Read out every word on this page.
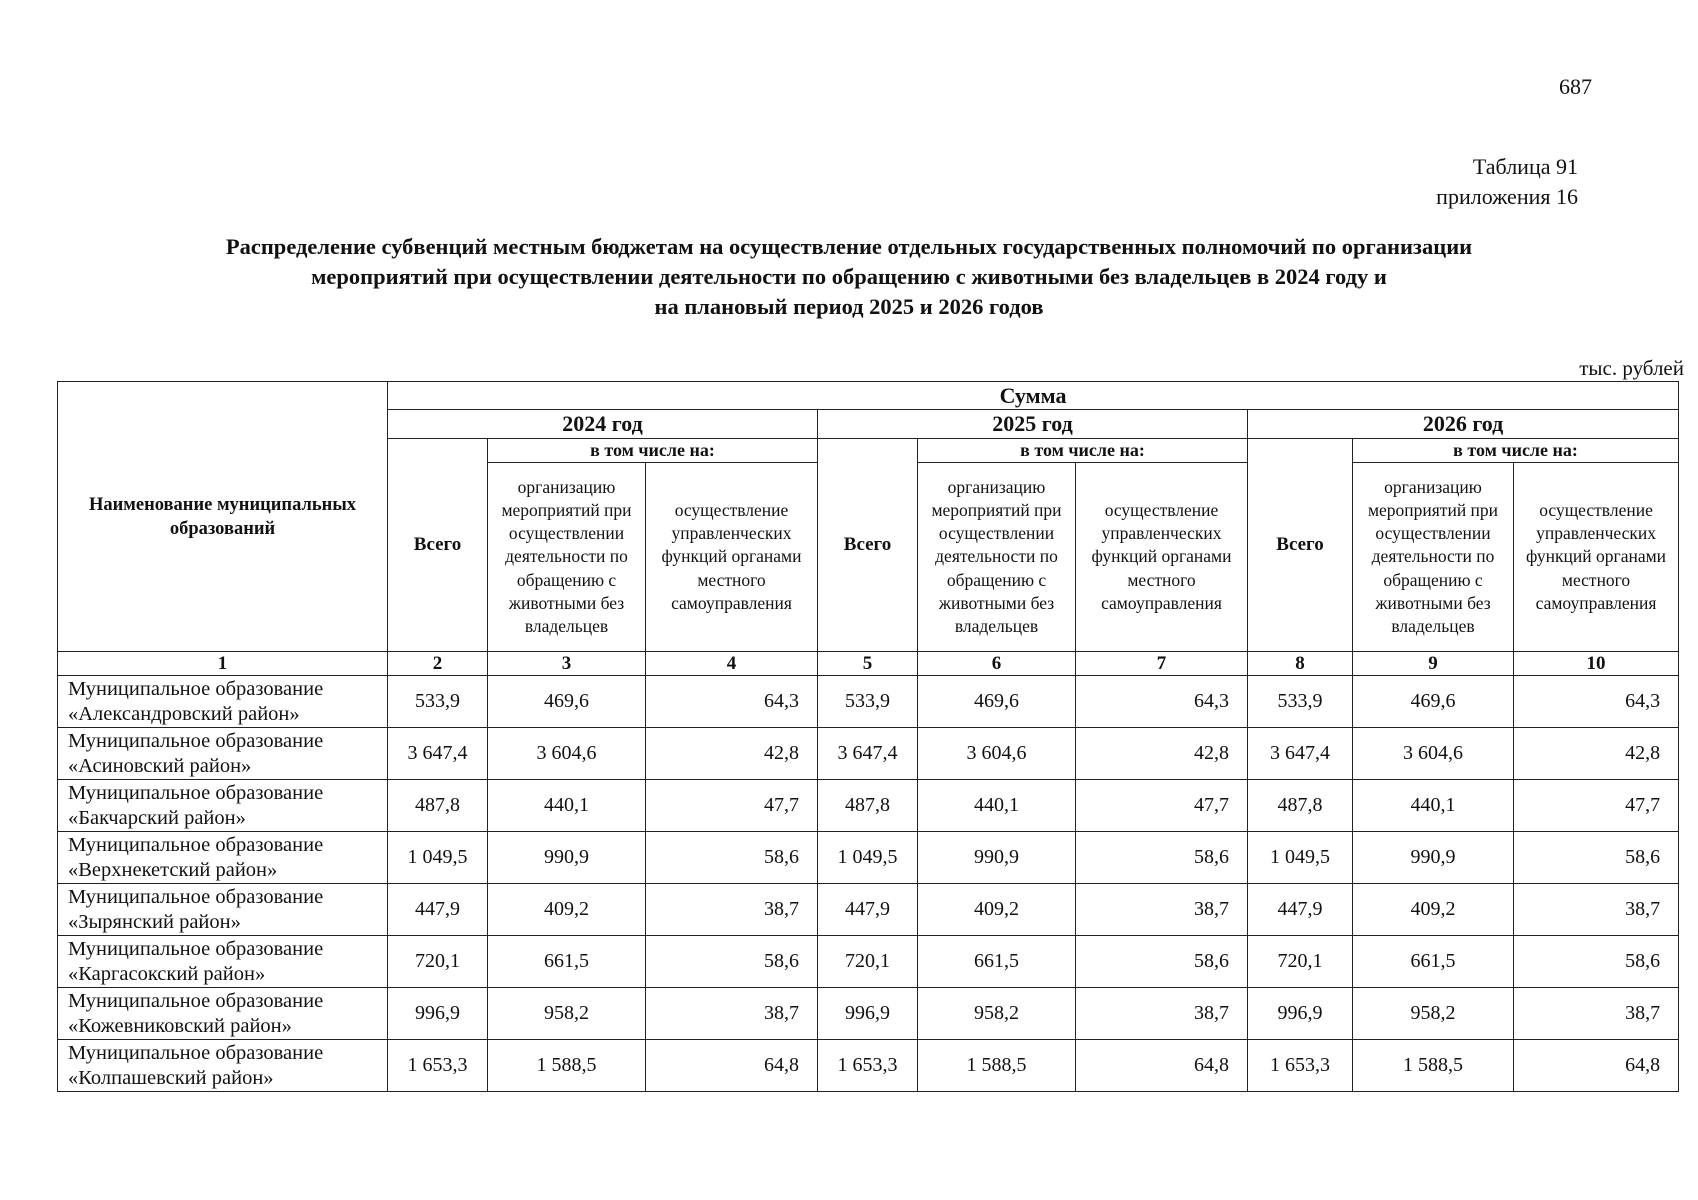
687
Таблица 91
приложения 16
Распределение субвенций местным бюджетам на осуществление отдельных государственных полномочий по организации
мероприятий при осуществлении деятельности по обращению с животными без владельцев в 2024 году и
на плановый период 2025 и 2026 годов
тыс. рублей
Наименование муниципальных образований	Сумма								
	2024 год			2025 год			2026 год		
	Всего	в том числе на:		Всего	в том числе на:		Всего	в том числе на:	
		организацию мероприятий при осуществлении деятельности по обращению с животными без владельцев	осуществление управленческих функций органами местного самоуправления		организацию мероприятий при осуществлении деятельности по обращению с животными без владельцев	осуществление управленческих функций органами местного самоуправления		организацию мероприятий при осуществлении деятельности по обращению с животными без владельцев	осуществление управленческих функций органами местного самоуправления
1	2	3	4	5	6	7	8	9	10
Муниципальное образование «Александровский район»	533,9	469,6	64,3	533,9	469,6	64,3	533,9	469,6	64,3
Муниципальное образование «Асиновский район»	3 647,4	3 604,6	42,8	3 647,4	3 604,6	42,8	3 647,4	3 604,6	42,8
Муниципальное образование «Бакчарский район»	487,8	440,1	47,7	487,8	440,1	47,7	487,8	440,1	47,7
Муниципальное образование «Верхнекетский район»	1 049,5	990,9	58,6	1 049,5	990,9	58,6	1 049,5	990,9	58,6
Муниципальное образование «Зырянский район»	447,9	409,2	38,7	447,9	409,2	38,7	447,9	409,2	38,7
Муниципальное образование «Каргасокский район»	720,1	661,5	58,6	720,1	661,5	58,6	720,1	661,5	58,6
Муниципальное образование «Кожевниковский район»	996,9	958,2	38,7	996,9	958,2	38,7	996,9	958,2	38,7
Муниципальное образование «Колпашевский район»	1 653,3	1 588,5	64,8	1 653,3	1 588,5	64,8	1 653,3	1 588,5	64,8
